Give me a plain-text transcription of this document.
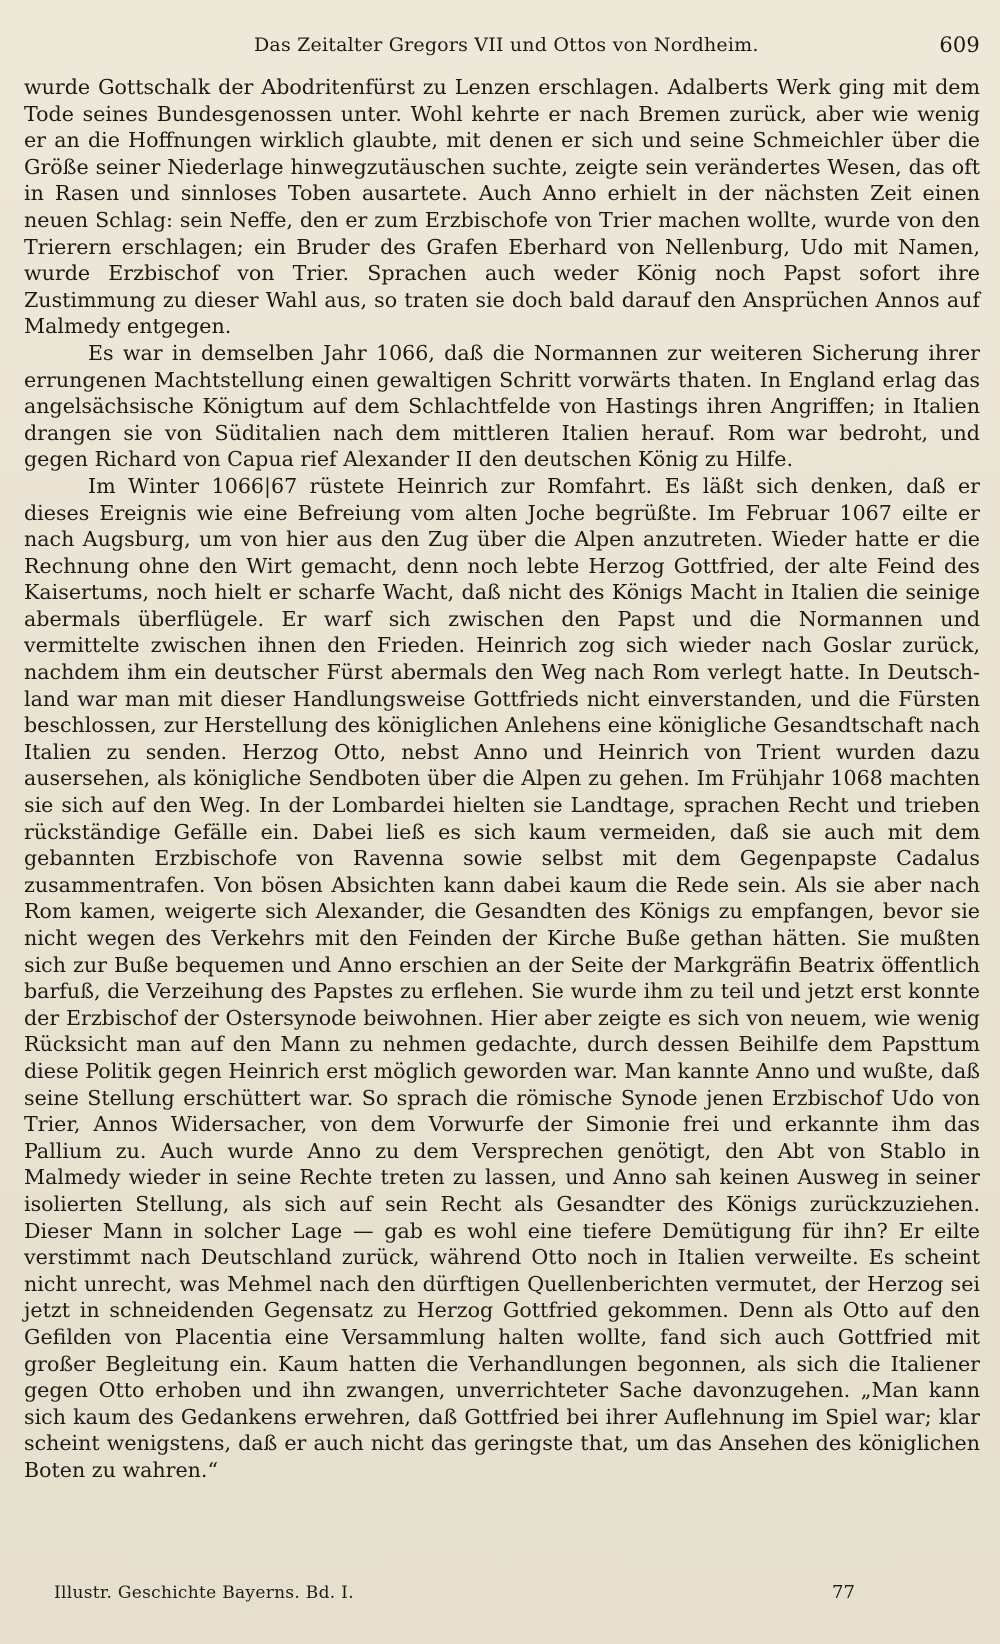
Das Zeitalter Gregors VII und Ottos von Nordheim.	609

wurde Gottschalk der Abodritenfürst zu Lenzen erschlagen. Adalberts Werk ging mit dem Tode seines Bundesgenossen unter. Wohl kehrte er nach Bremen zurück, aber wie wenig er an die Hoffnungen wirklich glaubte, mit denen er sich und seine Schmeichler über die Größe seiner Niederlage hinwegzutäuschen suchte, zeigte sein verändertes Wesen, das oft in Rasen und sinnloses Toben ausartete. Auch Anno erhielt in der nächsten Zeit einen neuen Schlag: sein Neffe, den er zum Erzbischofe von Trier machen wollte, wurde von den Trierern erschlagen; ein Bruder des Grafen Eberhard von Nellenburg, Udo mit Namen, wurde Erzbischof von Trier. Sprachen auch weder König noch Papst sofort ihre Zustimmung zu dieser Wahl aus, so traten sie doch bald darauf den Ansprüchen Annos auf Malmedy entgegen.

Es war in demselben Jahr 1066, daß die Normannen zur weiteren Sicherung ihrer errungenen Machtstellung einen gewaltigen Schritt vorwärts thaten. In England erlag das angelsächsische Königtum auf dem Schlachtfelde von Hastings ihren Angriffen; in Italien drangen sie von Süditalien nach dem mittleren Italien herauf. Rom war bedroht, und gegen Richard von Capua rief Alexander II den deutschen König zu Hilfe.

Im Winter 1066|67 rüstete Heinrich zur Romfahrt. Es läßt sich denken, daß er dieses Ereignis wie eine Befreiung vom alten Joche begrüßte. Im Februar 1067 eilte er nach Augsburg, um von hier aus den Zug über die Alpen anzutreten. Wieder hatte er die Rechnung ohne den Wirt gemacht, denn noch lebte Herzog Gottfried, der alte Feind des Kaisertums, noch hielt er scharfe Wacht, daß nicht des Königs Macht in Italien die seinige abermals überflügele. Er warf sich zwischen den Papst und die Normannen und vermittelte zwischen ihnen den Frieden. Heinrich zog sich wieder nach Goslar zurück, nachdem ihm ein deutscher Fürst abermals den Weg nach Rom verlegt hatte. In Deutschland war man mit dieser Handlungsweise Gottfrieds nicht einverstanden, und die Fürsten beschlossen, zur Herstellung des königlichen Anlehens eine königliche Gesandtschaft nach Italien zu senden. Herzog Otto, nebst Anno und Heinrich von Trient wurden dazu ausersehen, als königliche Sendboten über die Alpen zu gehen. Im Frühjahr 1068 machten sie sich auf den Weg. In der Lombardei hielten sie Landtage, sprachen Recht und trieben rückständige Gefälle ein. Dabei ließ es sich kaum vermeiden, daß sie auch mit dem gebannten Erzbischofe von Ravenna sowie selbst mit dem Gegenpapste Cadalus zusammentrafen. Von bösen Absichten kann dabei kaum die Rede sein. Als sie aber nach Rom kamen, weigerte sich Alexander, die Gesandten des Königs zu empfangen, bevor sie nicht wegen des Verkehrs mit den Feinden der Kirche Buße gethan hätten. Sie mußten sich zur Buße bequemen und Anno erschien an der Seite der Markgräfin Beatrix öffentlich barfuß, die Verzeihung des Papstes zu erflehen. Sie wurde ihm zu teil und jetzt erst konnte der Erzbischof der Ostersynode beiwohnen. Hier aber zeigte es sich von neuem, wie wenig Rücksicht man auf den Mann zu nehmen gedachte, durch dessen Beihilfe dem Papsttum diese Politik gegen Heinrich erst möglich geworden war. Man kannte Anno und wußte, daß seine Stellung erschüttert war. So sprach die römische Synode jenen Erzbischof Udo von Trier, Annos Widersacher, von dem Vorwurfe der Simonie frei und erkannte ihm das Pallium zu. Auch wurde Anno zu dem Versprechen genötigt, den Abt von Stablo in Malmedy wieder in seine Rechte treten zu lassen, und Anno sah keinen Ausweg in seiner isolierten Stellung, als sich auf sein Recht als Gesandter des Königs zurückzuziehen. Dieser Mann in solcher Lage — gab es wohl eine tiefere Demütigung für ihn? Er eilte verstimmt nach Deutschland zurück, während Otto noch in Italien verweilte. Es scheint nicht unrecht, was Mehmel nach den dürftigen Quellenberichten vermutet, der Herzog sei jetzt in schneidenden Gegensatz zu Herzog Gottfried gekommen. Denn als Otto auf den Gefilden von Placentia eine Versammlung halten wollte, fand sich auch Gottfried mit großer Begleitung ein. Kaum hatten die Verhandlungen begonnen, als sich die Italiener gegen Otto erhoben und ihn zwangen, unverrichteter Sache davonzugehen. „Man kann sich kaum des Gedankens erwehren, daß Gottfried bei ihrer Auflehnung im Spiel war; klar scheint wenigstens, daß er auch nicht das geringste that, um das Ansehen des königlichen Boten zu wahren.“

Illustr. Geschichte Bayerns. Bd. I.	77
